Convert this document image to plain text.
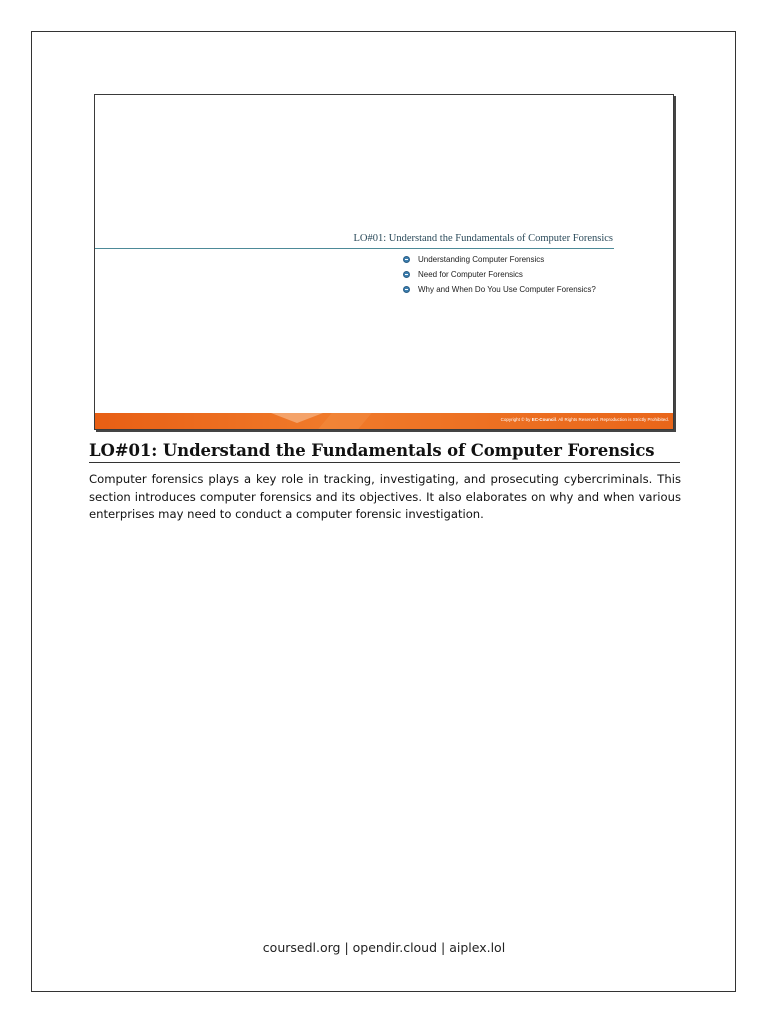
LO#01: Understand the Fundamentals of Computer Forensics
Understanding Computer Forensics
Need for Computer Forensics
Why and When Do You Use Computer Forensics?
Copyright © by EC-Council. All Rights Reserved. Reproduction is Strictly Prohibited.
LO#01: Understand the Fundamentals of Computer Forensics

Computer forensics plays a key role in tracking, investigating, and prosecuting cybercriminals. This section introduces computer forensics and its objectives. It also elaborates on why and when various enterprises may need to conduct a computer forensic investigation.

coursedl.org | opendir.cloud | aiplex.lol
